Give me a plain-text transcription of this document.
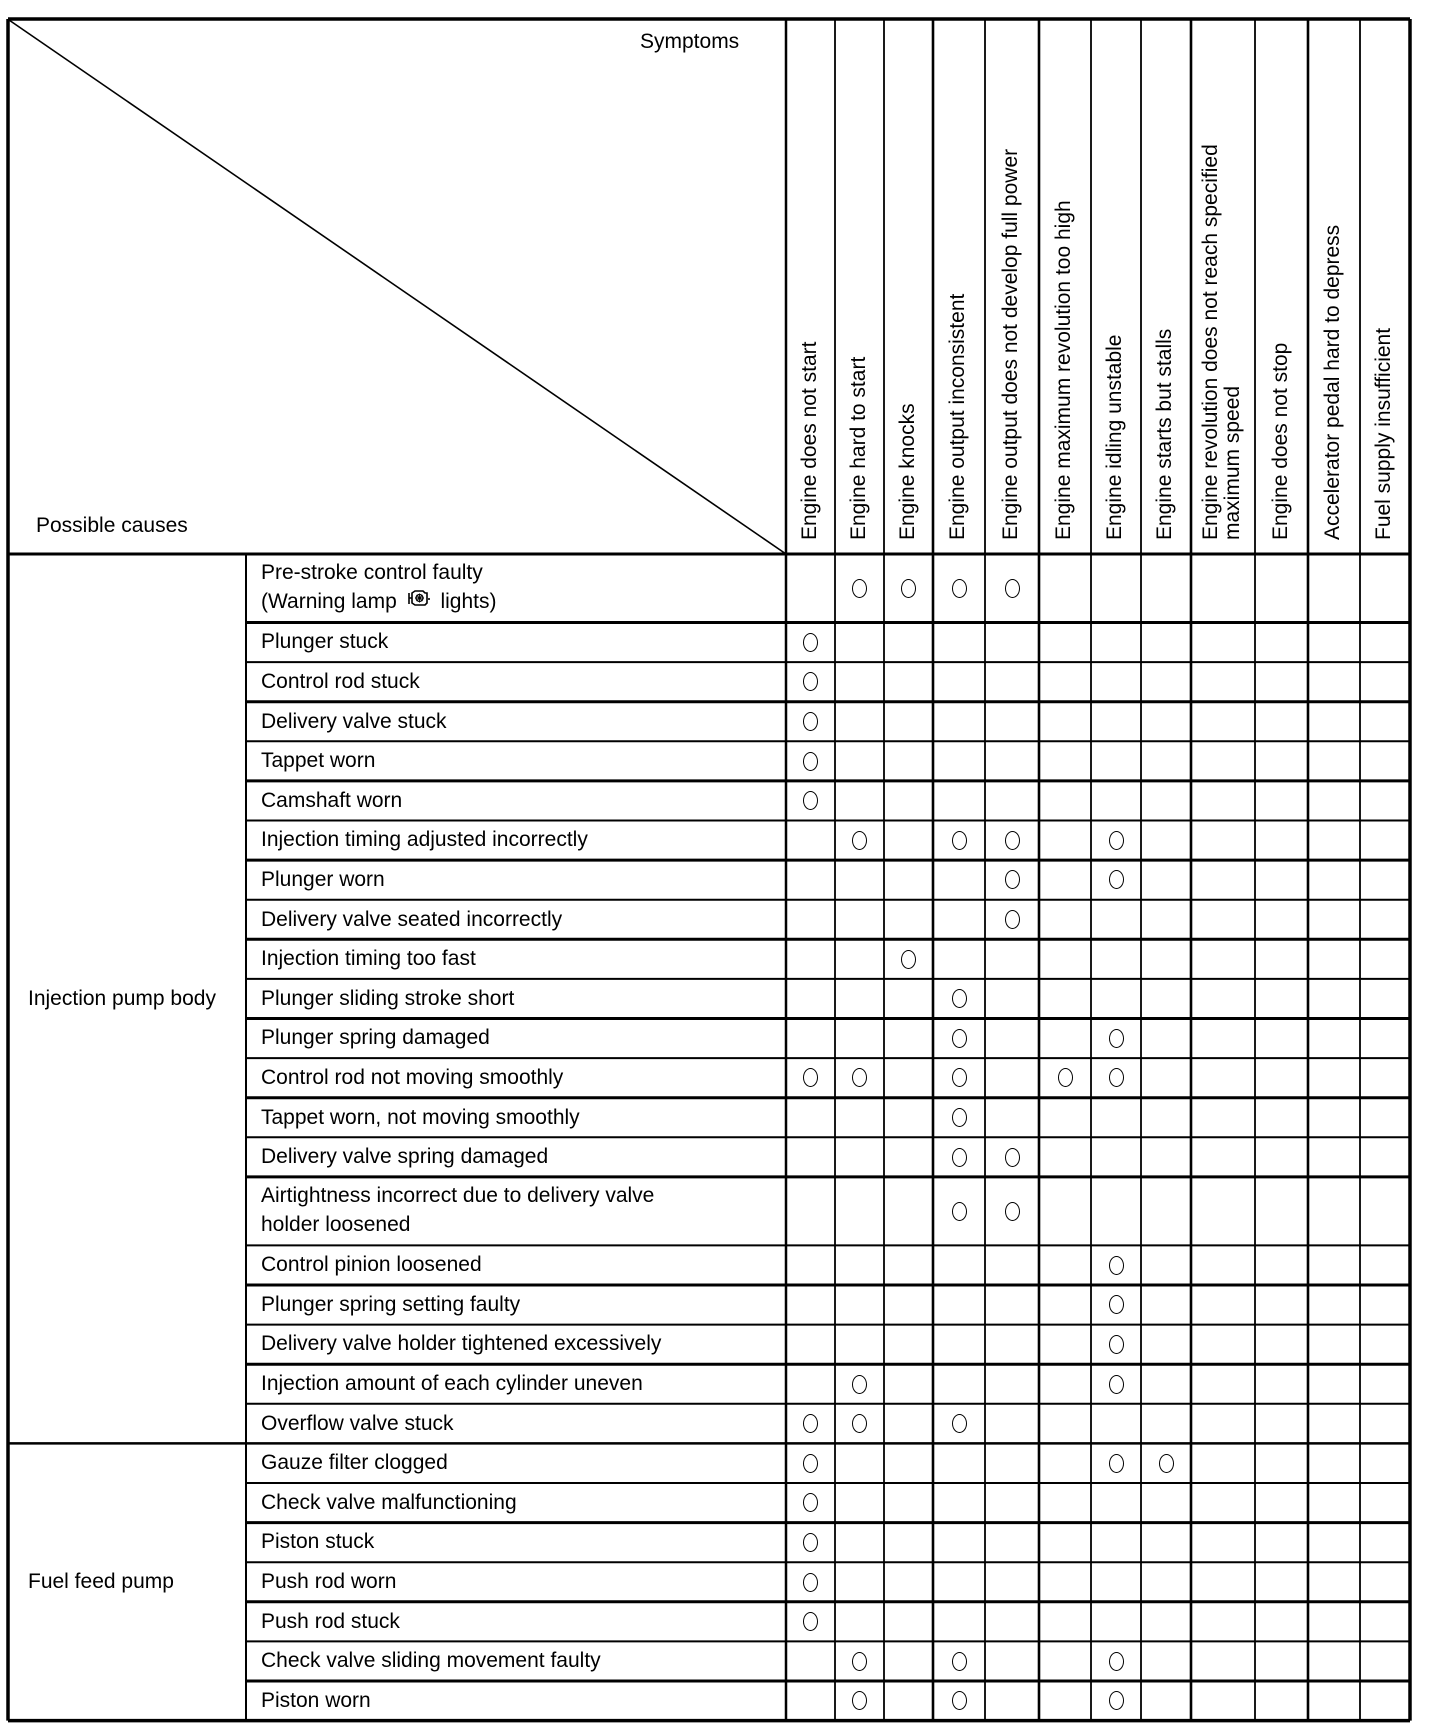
Symptoms
Possible causes	Engine does not start Engine hard to start Engine knocks Engine output inconsistent Engine output does not develop full power Engine maximum revolution too high Engine idling unstable Engine starts but stalls Engine revolution does not reach specified maximum speed Engine does not stop Accelerator pedal hard to depress Fuel supply insufficient
Pre-stroke control faulty
(Warning lamp  lights)
Plunger stuck
Control rod stuck
Delivery valve stuck
Tappet worn
Camshaft worn
Injection timing adjusted incorrectly
Plunger worn
Delivery valve seated incorrectly
Injection timing too fast
Plunger sliding stroke short
Plunger spring damaged
Control rod not moving smoothly
Tappet worn, not moving smoothly
Delivery valve spring damaged
Airtightness incorrect due to delivery valve
holder loosened
Control pinion loosened
Plunger spring setting faulty
Delivery valve holder tightened excessively
Injection amount of each cylinder uneven
Overflow valve stuck
Gauze filter clogged
Check valve malfunctioning
Piston stuck
Push rod worn
Push rod stuck
Check valve sliding movement faulty
Piston worn
Injection pump body
Fuel feed pump
